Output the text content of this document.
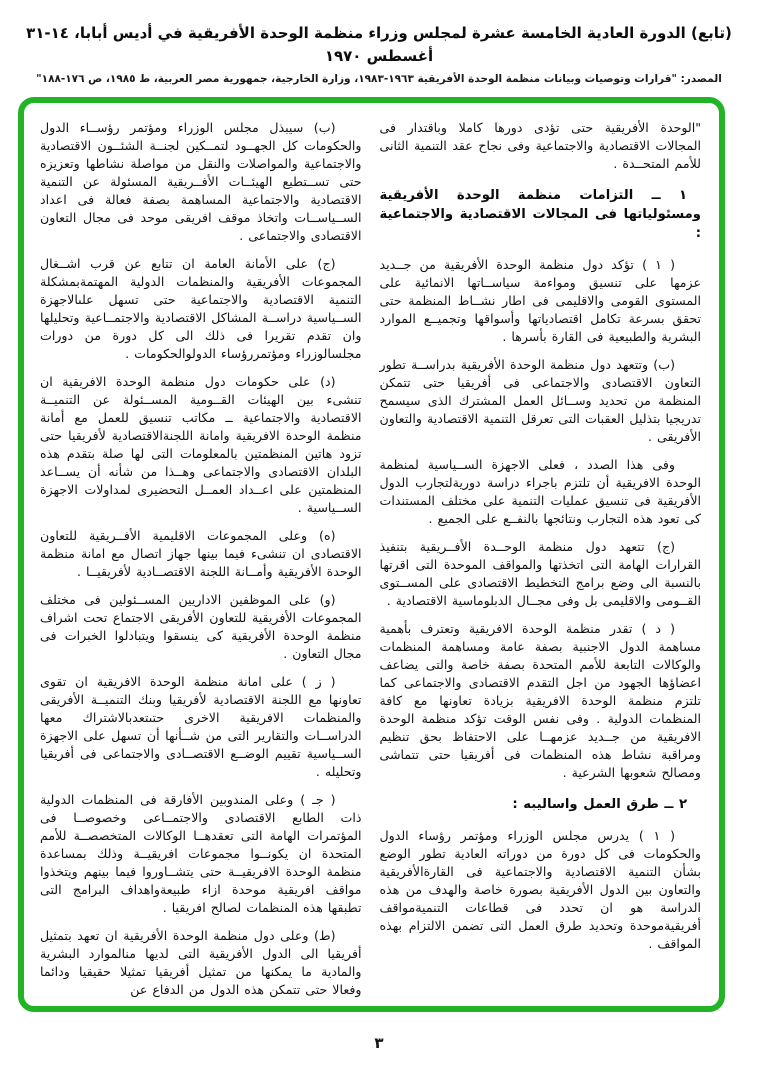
(تابع) الدورة العادية الخامسة عشرة لمجلس وزراء منظمة الوحدة الأفريقية في أديس أبابا، ١٤-٣١ أغسطس ١٩٧٠
المصدر: "قرارات وتوصيات وبيانات منظمة الوحدة الأفريقية ١٩٦٣-١٩٨٣، وزارة الخارجية، جمهورية مصر العربية، ط ١٩٨٥، ص ١٧٦-١٨٨"

"الوحدة الأفريقية حتى تؤدى دورها كاملا وباقتدار فى المجالات الاقتصادية والاجتماعية وفى نجاح عقد التنمية الثانى للأمم المتحــدة .

١ ــ التزامات منظمة الوحدة الأفريقية ومسئولياتها فى المجالات الاقتصادية والاجتماعية :

( ١ ) تؤكد دول منظمة الوحدة الأفريقية من جــديد عزمها على تنسيق ومواءمة سياســاتها الانمائية على المستوى القومى والاقليمى فى اطار نشــاط المنظمة حتى تحقق بسرعة تكامل اقتصادياتها وأسواقها وتجميــع الموارد البشرية والطبيعية فى القارة بأسرها .

(ب) وتتعهد دول منظمة الوحدة الأفريقية بدراســة تطور التعاون الاقتصادى والاجتماعى فى أفريقيا حتى تتمكن المنظمة من تحديد وســائل العمل المشترك الذى سيسمح تدريجيا بتذليل العقبات التى تعرقل التنمية الاقتصادية والتعاون الأفريقى .

وفى هذا الصدد ، فعلى الاجهزة الســياسية لمنظمة الوحدة الافريقية أن تلتزم باجراء دراسة دوريةلتجارب الدول الأفريقية فى تنسيق عمليات التنمية على مختلف المستندات كى تعود هذه التجارب ونتائجها بالنفــع على الجميع .

(ج) تتعهد دول منظمة الوحــدة الأفــريقية بتنفيذ القرارات الهامة التى اتخذتها والمواقف الموحدة التى اقرتها بالنسبة الى وضع برامج التخطيط الاقتصادى على المســتوى القــومى والاقليمى بل وفى مجــال الدبلوماسية الاقتصادية .

( د ) تقدر منظمة الوحدة الافريقية وتعترف بأهمية مساهمة الدول الاجنبية بصفة عامة ومساهمة المنظمات والوكالات التابعة للأمم المتحدة بصفة خاصة والتى يضاعف اعضاؤها الجهود من اجل التقدم الاقتصادى والاجتماعى كما تلتزم منظمة الوحدة الافريقية بزيادة تعاونها مع كافة المنظمات الدولية . وفى نفس الوقت تؤكد منظمة الوحدة الافريقية من جــديد عزمهــا على الاحتفاظ بحق تنظيم ومراقبة نشاط هذه المنظمات فى أفريقيا حتى تتماشى ومصالح شعوبها الشرعية .

٢ ــ طرق العمل واساليبه :

( ١ ) يدرس مجلس الوزراء ومؤتمر رؤساء الدول والحكومات فى كل دورة من دوراته العادية تطور الوضع بشأن التنمية الاقتصادية والاجتماعية فى القارةالأفريقية والتعاون بين الدول الأفريقية بصورة خاصة والهدف من هذه الدراسة هو ان تحدد فى قطاعات التنميةمواقف أفريقيةموحدة وتحديد طرق العمل التى تضمن الالتزام بهذه المواقف .

(ب) سيبذل مجلس الوزراء ومؤتمر رؤســاء الدول والحكومات كل الجهــود لتمــكين لجنــة الشئــون الاقتصادية والاجتماعية والمواصلات والنقل من مواصلة نشاطها وتعزيزه حتى تســتطيع الهيئــات الأفــريقية المسئولة عن التنمية الاقتصادية والاجتماعية المساهمة بصفة فعالة فى اعداد الســياســات واتخاذ موقف افريقى موحد فى مجال التعاون الاقتصادى والاجتماعى .

(ج) على الأمانة العامة ان تتابع عن قرب اشــغال المجموعات الأفريقية والمنظمات الدولية المهتمةبمشكلة التنمية الاقتصادية والاجتماعية حتى تسهل علىالاجهزة الســياسية دراســة المشاكل الاقتصادية والاجتمــاعية وتحليلها وان تقدم تقريرا فى ذلك الى كل دورة من دورات مجلسالوزراء ومؤتمررؤساء الدولوالحكومات .

(د) على حكومات دول منظمة الوحدة الافريقية ان تنشىء بين الهيئات القــومية المســئولة عن التنميــة الاقتصادية والاجتماعية ــ مكاتب تنسيق للعمل مع أمانة منظمة الوحدة الافريقية وامانة اللجنةالاقتصادية لأفريقيا حتى تزود هاتين المنظمتين بالمعلومات التى لها صلة بتقدم هذه البلدان الاقتصادى والاجتماعى وهــذا من شأنه أن يســاعد المنظمتين على اعــداد العمــل التحضيرى لمداولات الاجهزة الســياسية .

(ه) وعلى المجموعات الاقليمية الأفــريقية للتعاون الاقتصادى ان تنشىء فيما بينها جهاز اتصال مع امانة منظمة الوحدة الأفريقية وأمــانة اللجنة الاقتصــادية لأفريقيــا .

(و) على الموظفين الاداريين المســئولين فى مختلف المجموعات الأفريقية للتعاون الأفريقى الاجتماع تحت اشراف منظمة الوحدة الأفريقية كى ينسقوا ويتبادلوا الخبرات فى مجال التعاون .

( ز ) على امانة منظمة الوحدة الافريقية ان تقوى تعاونها مع اللجنة الاقتصادية لأفريقيا وبنك التنميــة الأفريقى والمنظمات الافريقية الاخرى حتىتعدبالاشتراك معها الدراســات والتقارير التى من شــأنها أن تسهل على الاجهزة الســياسية تقييم الوضــع الاقتصــادى والاجتماعى فى أفريقيا وتحليله .

( جـ ) وعلى المندوبين الأفارقة فى المنظمات الدولية ذات الطابع الاقتصادى والاجتمــاعى وخصوصــا فى المؤتمرات الهامة التى تعقدهــا الوكالات المتخصصــة للأمم المتحدة ان يكونــوا مجموعات افريقيــة وذلك بمساعدة منظمة الوحدة الافريقيــة حتى يتشــاوروا فيما بينهم ويتخذوا مواقف افريقية موحدة ازاء طبيعةواهداف البرامج التى تطبقها هذه المنظمات لصالح افريقيا .

(ط) وعلى دول منظمة الوحدة الأفريقية ان تعهد بتمثيل أفريقيا الى الدول الأفريقية التى لديها منالموارد البشرية والمادية ما يمكنها من تمثيل أفريقيا تمثيلا حقيقيا ودائما وفعالا حتى تتمكن هذه الدول من الدفاع عن

٣
